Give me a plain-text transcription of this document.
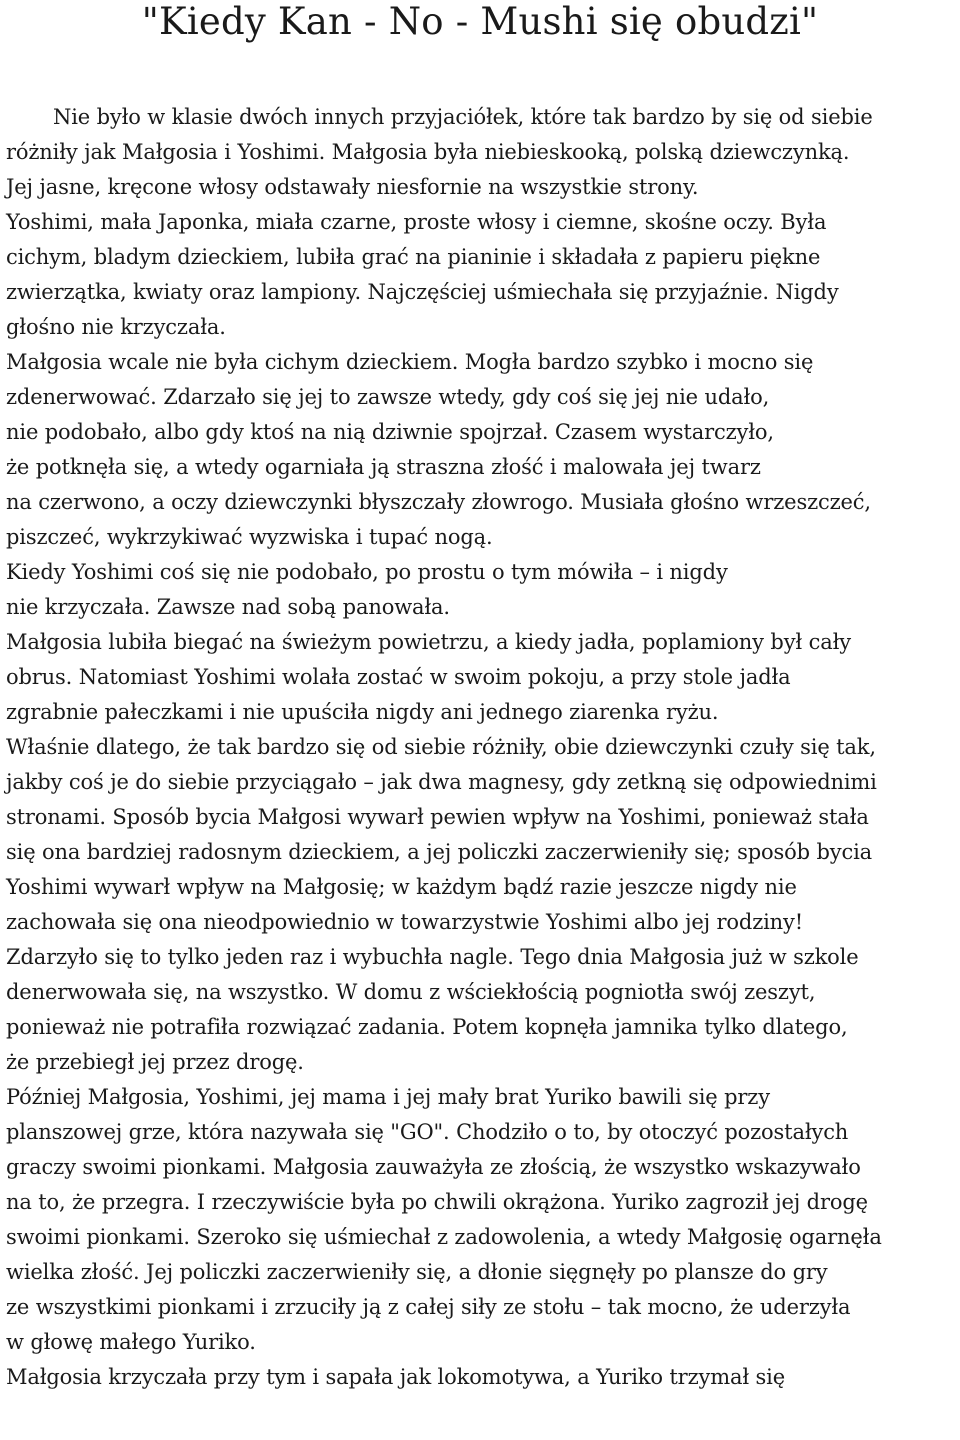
"Kiedy Kan - No - Mushi się obudzi"
Nie było w klasie dwóch innych przyjaciółek, które tak bardzo by się od siebie
różniły jak Małgosia i Yoshimi. Małgosia była niebieskooką, polską dziewczynką.
Jej jasne, kręcone włosy odstawały niesfornie na wszystkie strony.
Yoshimi, mała Japonka, miała czarne, proste włosy i ciemne, skośne oczy. Była
cichym, bladym dzieckiem, lubiła grać na pianinie i składała z papieru piękne
zwierzątka, kwiaty oraz lampiony. Najczęściej uśmiechała się przyjaźnie. Nigdy
głośno nie krzyczała.
Małgosia wcale nie była cichym dzieckiem. Mogła bardzo szybko i mocno się
zdenerwować. Zdarzało się jej to zawsze wtedy, gdy coś się jej nie udało,
nie podobało, albo gdy ktoś na nią dziwnie spojrzał. Czasem wystarczyło,
że potknęła się, a wtedy ogarniała ją straszna złość i malowała jej twarz
na czerwono, a oczy dziewczynki błyszczały złowrogo. Musiała głośno wrzeszczeć,
piszczeć, wykrzykiwać wyzwiska i tupać nogą.
Kiedy Yoshimi coś się nie podobało, po prostu o tym mówiła – i nigdy
nie krzyczała. Zawsze nad sobą panowała.
Małgosia lubiła biegać na świeżym powietrzu, a kiedy jadła, poplamiony był cały
obrus. Natomiast Yoshimi wolała zostać w swoim pokoju, a przy stole jadła
zgrabnie pałeczkami i nie upuściła nigdy ani jednego ziarenka ryżu.
Właśnie dlatego, że tak bardzo się od siebie różniły, obie dziewczynki czuły się tak,
jakby coś je do siebie przyciągało – jak dwa magnesy, gdy zetkną się odpowiednimi
stronami. Sposób bycia Małgosi wywarł pewien wpływ na Yoshimi, ponieważ stała
się ona bardziej radosnym dzieckiem, a jej policzki zaczerwieniły się; sposób bycia
Yoshimi wywarł wpływ na Małgosię; w każdym bądź razie jeszcze nigdy nie
zachowała się ona nieodpowiednio w towarzystwie Yoshimi albo jej rodziny!
Zdarzyło się to tylko jeden raz i wybuchła nagle. Tego dnia Małgosia już w szkole
denerwowała się, na wszystko. W domu z wściekłością pogniotła swój zeszyt,
ponieważ nie potrafiła rozwiązać zadania. Potem kopnęła jamnika tylko dlatego,
że przebiegł jej przez drogę.
Później Małgosia, Yoshimi, jej mama i jej mały brat Yuriko bawili się przy
planszowej grze, która nazywała się "GO". Chodziło o to, by otoczyć pozostałych
graczy swoimi pionkami. Małgosia zauważyła ze złością, że wszystko wskazywało
na to, że przegra. I rzeczywiście była po chwili okrążona. Yuriko zagroził jej drogę
swoimi pionkami. Szeroko się uśmiechał z zadowolenia, a wtedy Małgosię ogarnęła
wielka złość. Jej policzki zaczerwieniły się, a dłonie sięgnęły po plansze do gry
ze wszystkimi pionkami i zrzuciły ją z całej siły ze stołu – tak mocno, że uderzyła
w głowę małego Yuriko.
Małgosia krzyczała przy tym i sapała jak lokomotywa, a Yuriko trzymał się
